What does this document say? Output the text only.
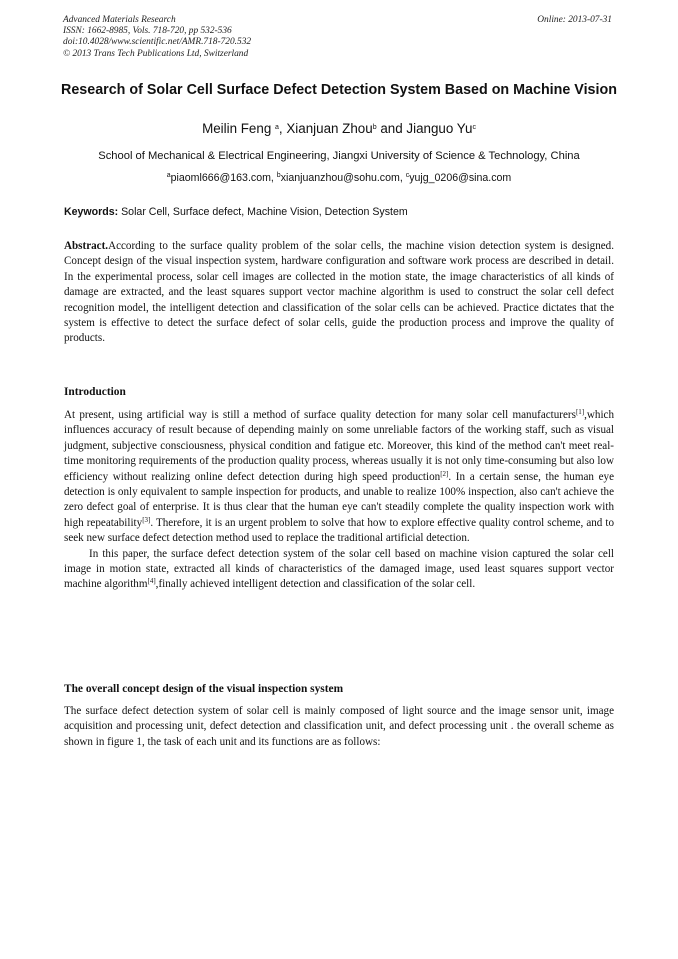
Advanced Materials Research
ISSN: 1662-8985, Vols. 718-720, pp 532-536
doi:10.4028/www.scientific.net/AMR.718-720.532
© 2013 Trans Tech Publications Ltd, Switzerland
Online: 2013-07-31
Research of Solar Cell Surface Defect Detection System Based on Machine Vision
Meilin Feng $^a$, Xianjuan Zhou$^b$ and Jianguo Yu$^c$
School of Mechanical & Electrical Engineering, Jiangxi University of Science & Technology, China
$^a$piaoml666@163.com, $^b$xianjuanzhou@sohu.com, $^c$yujg_0206@sina.com
Keywords: Solar Cell, Surface defect, Machine Vision, Detection System

Abstract.According to the surface quality problem of the solar cells, the machine vision detection system is designed. Concept design of the visual inspection system, hardware configuration and software work process are described in detail. In the experimental process, solar cell images are collected in the motion state, the image characteristics of all kinds of damage are extracted, and the least squares support vector machine algorithm is used to construct the solar cell defect recognition model, the intelligent detection and classification of the solar cells can be achieved. Practice dictates that the system is effective to detect the surface defect of solar cells, guide the production process and improve the quality of products.

Introduction

At present, using artificial way is still a method of surface quality detection for many solar cell manufacturers[1],which influences accuracy of result because of depending mainly on some unreliable factors of the working staff, such as visual judgment, subjective consciousness, physical condition and fatigue etc. Moreover, this kind of the method can't meet real-time monitoring requirements of the production quality process, whereas usually it is not only time-consuming but also low efficiency without realizing online defect detection during high speed production[2]. In a certain sense, the human eye detection is only equivalent to sample inspection for products, and unable to realize 100% inspection, also can't achieve the zero defect goal of enterprise. It is thus clear that the human eye can't steadily complete the quality inspection work with high repeatability[3]. Therefore, it is an urgent problem to solve that how to explore effective quality control scheme, and to seek new surface defect detection method used to replace the traditional artificial detection.

In this paper, the surface defect detection system of the solar cell based on machine vision captured the solar cell image in motion state, extracted all kinds of characteristics of the damaged image, used least squares support vector machine algorithm[4],finally achieved intelligent detection and classification of the solar cell.

The overall concept design of the visual inspection system

The surface defect detection system of solar cell is mainly composed of light source and the image sensor unit, image acquisition and processing unit, defect detection and classification unit, and defect processing unit . the overall scheme as shown in figure 1, the task of each unit and its functions are as follows:
